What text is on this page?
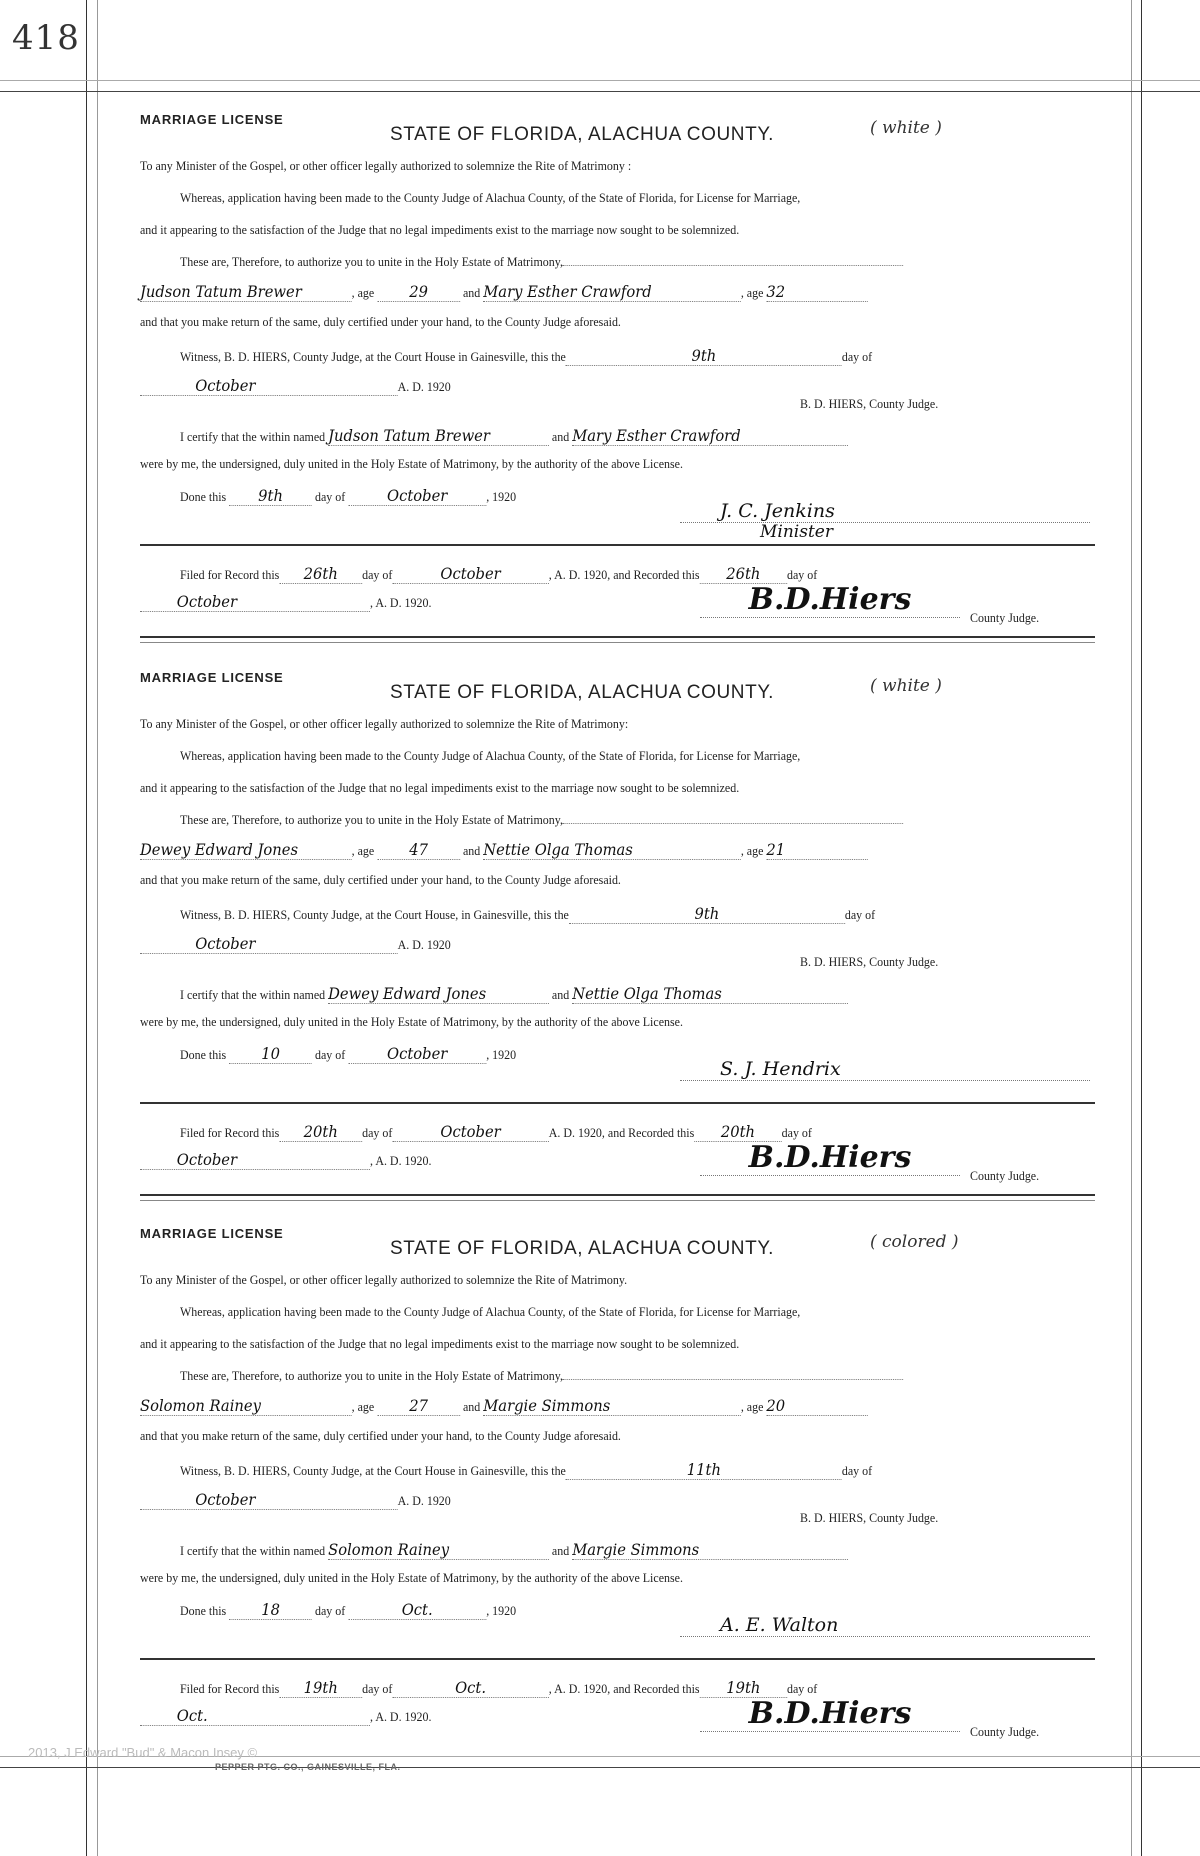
418
MARRIAGE LICENSE
STATE OF FLORIDA, ALACHUA COUNTY.	( white )
To any Minister of the Gospel, or other officer legally authorized to solemnize the Rite of Matrimony :
Whereas, application having been made to the County Judge of Alachua County, of the State of Florida, for License for Marriage,
and it appearing to the satisfaction of the Judge that no legal impediments exist to the marriage now sought to be solemnized.
These are, Therefore, to authorize you to unite in the Holy Estate of Matrimony,
Judson Tatum Brewer	, age 29	and Mary Esther Crawford	, age 32
and that you make return of the same, duly certified under your hand, to the County Judge aforesaid.
Witness, B. D. HIERS, County Judge, at the Court House in Gainesville, this the	9th	day of
October	A. D. 1920
B. D. HIERS, County Judge.
I certify that the within named Judson Tatum Brewer	and Mary Esther Crawford
were by me, the undersigned, duly united in the Holy Estate of Matrimony, by the authority of the above License.
Done this 9th day of	October	, 1920
J. C. Jenkins
Minister
Filed for Record this 26th day of	October	, A. D. 1920, and Recorded this 26th day of
October	, A. D. 1920.	B.D.Hiers
County Judge.
MARRIAGE LICENSE
STATE OF FLORIDA, ALACHUA COUNTY.	( white )
To any Minister of the Gospel, or other officer legally authorized to solemnize the Rite of Matrimony:
Whereas, application having been made to the County Judge of Alachua County, of the State of Florida, for License for Marriage,
and it appearing to the satisfaction of the Judge that no legal impediments exist to the marriage now sought to be solemnized.
These are, Therefore, to authorize you to unite in the Holy Estate of Matrimony,
Dewey Edward Jones	, age 47	and Nettie Olga Thomas	, age 21
and that you make return of the same, duly certified under your hand, to the County Judge aforesaid.
Witness, B. D. HIERS, County Judge, at the Court House, in Gainesville, this the	9th	day of
October	A. D. 1920
B. D. HIERS, County Judge.
I certify that the within named Dewey Edward Jones	and Nettie Olga Thomas
were by me, the undersigned, duly united in the Holy Estate of Matrimony, by the authority of the above License.
Done this 10	day of	October	, 1920
S. J. Hendrix
Filed for Record this 20th day of	October	A. D. 1920, and Recorded this 20th day of
October	, A. D. 1920.	B.D.Hiers
County Judge.
MARRIAGE LICENSE
STATE OF FLORIDA, ALACHUA COUNTY.	( colored )
To any Minister of the Gospel, or other officer legally authorized to solemnize the Rite of Matrimony.
Whereas, application having been made to the County Judge of Alachua County, of the State of Florida, for License for Marriage,
and it appearing to the satisfaction of the Judge that no legal impediments exist to the marriage now sought to be solemnized.
These are, Therefore, to authorize you to unite in the Holy Estate of Matrimony,
Solomon Rainey	, age 27	and Margie Simmons	, age 20
and that you make return of the same, duly certified under your hand, to the County Judge aforesaid.
Witness, B. D. HIERS, County Judge, at the Court House in Gainesville, this the	11th	day of
October	A. D. 1920
B. D. HIERS, County Judge.
I certify that the within named Solomon Rainey	and Margie Simmons
were by me, the undersigned, duly united in the Holy Estate of Matrimony, by the authority of the above License.
Done this 18	day of	Oct.	, 1920
A. E. Walton
Filed for Record this 19th day of	Oct.	, A. D. 1920, and Recorded this 19th day of
Oct.	, A. D. 1920.	B.D.Hiers
County Judge.
2013, J Edward "Bud" & Macon Insey ©
PEPPER PTG. CO., GAINESVILLE, FLA.
